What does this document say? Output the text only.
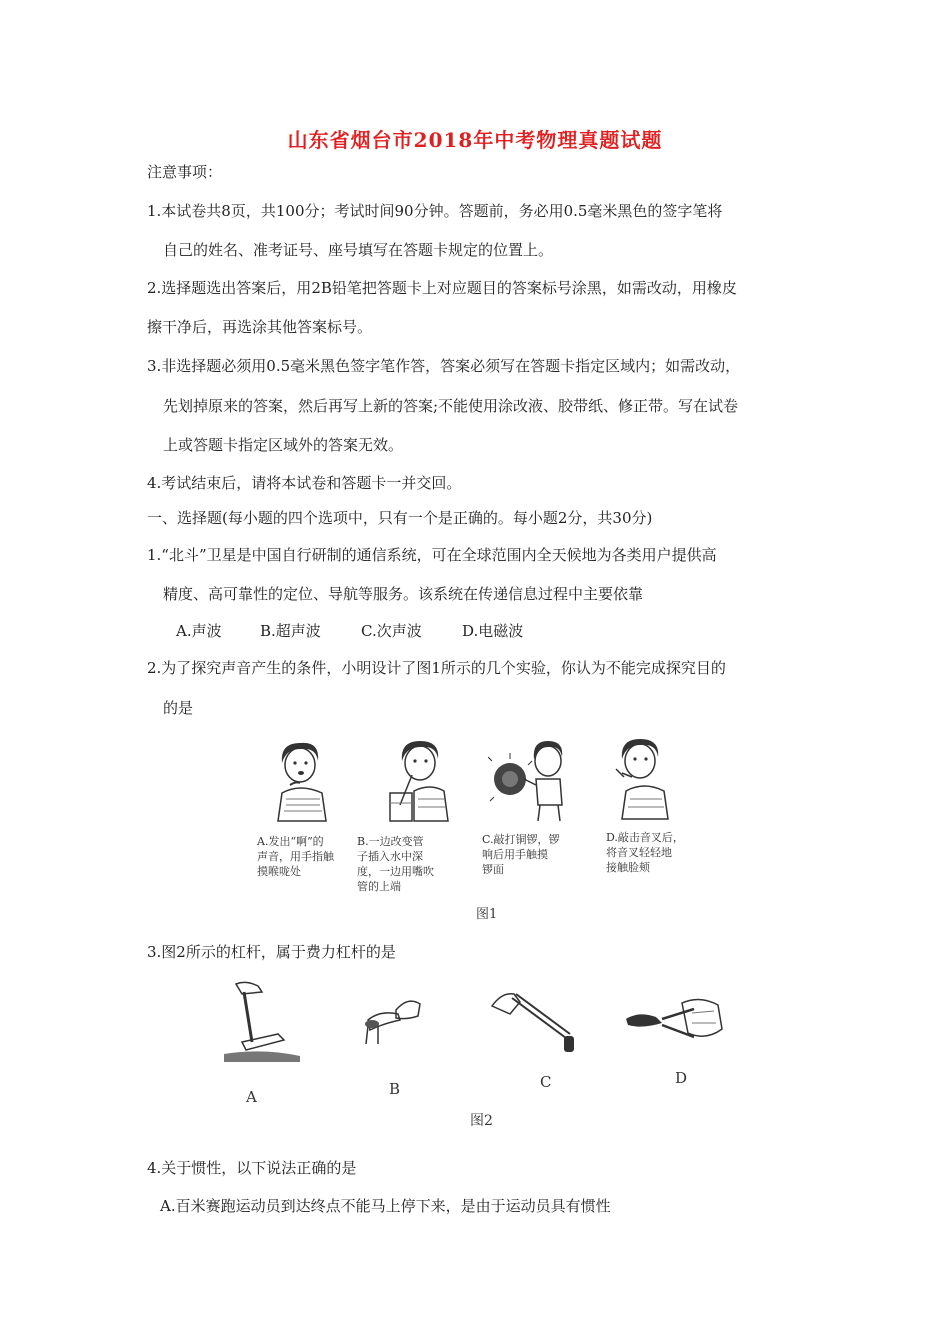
山东省烟台市2018年中考物理真题试题
注意事项：
1.本试卷共8页，共100分；考试时间90分钟。答题前，务必用0.5毫米黑色的签字笔将
自己的姓名、准考证号、座号填写在答题卡规定的位置上。
2.选择题选出答案后，用2B铅笔把答题卡上对应题目的答案标号涂黑，如需改动，用橡皮
擦干净后，再选涂其他答案标号。
3.非选择题必须用0.5毫米黑色签字笔作答，答案必须写在答题卡指定区域内；如需改动，
先划掉原来的答案，然后再写上新的答案;不能使用涂改液、胶带纸、修正带。写在试卷
上或答题卡指定区域外的答案无效。
4.考试结束后，请将本试卷和答题卡一并交回。
一、选择题(每小题的四个选项中，只有一个是正确的。每小题2分，共30分)
1.“北斗”卫星是中国自行研制的通信系统，可在全球范围内全天候地为各类用户提供高
精度、高可靠性的定位、导航等服务。该系统在传递信息过程中主要依靠
A.声波	B.超声波	C.次声波	D.电磁波
2.为了探究声音产生的条件，小明设计了图1所示的几个实验，你认为不能完成探究目的
的是
A.发出“啊”的
声音，用手指触
摸喉咙处
B.一边改变管
子插入水中深
度，一边用嘴吹
管的上端
C.敲打铜锣，锣
响后用手触摸
锣面
D.敲击音叉后，
将音叉轻轻地
接触脸颊
图1
3.图2所示的杠杆，属于费力杠杆的是
A	B	C	D
图2
4.关于惯性，以下说法正确的是
A.百米赛跑运动员到达终点不能马上停下来，是由于运动员具有惯性
